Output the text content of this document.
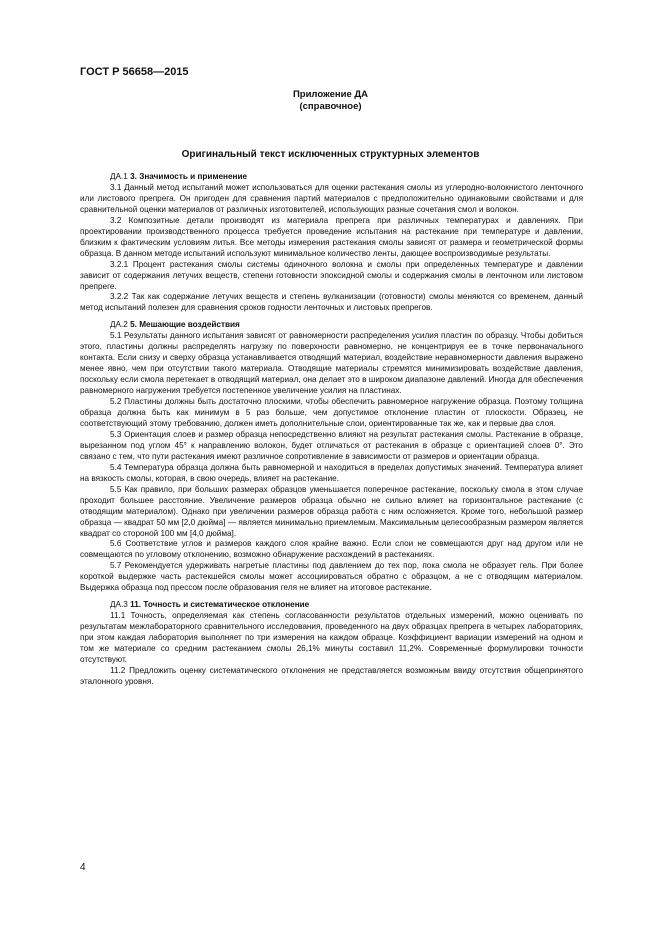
ГОСТ Р 56658—2015
Приложение ДА
(справочное)
Оригинальный текст исключенных структурных элементов

ДА.1 3. Значимость и применение

3.1 Данный метод испытаний может использоваться для оценки растекания смолы из углеродно-волокнистого ленточного или листового препрега. Он пригоден для сравнения партий материалов с предположительно одинаковыми свойствами и для сравнительной оценки материалов от различных изготовителей, использующих разные сочетания смол и волокон.

3.2 Композитные детали производят из материала препрега при различных температурах и давлениях. При проектировании производственного процесса требуется проведение испытания на растекание при температуре и давлении, близким к фактическим условиям литья. Все методы измерения растекания смолы зависят от размера и геометрической формы образца. В данном методе испытаний используют минимальное количество ленты, дающее воспроизводимые результаты.

3.2.1 Процент растекания смолы системы одиночного волокна и смолы при определенных температуре и давлении зависит от содержания летучих веществ, степени готовности эпоксидной смолы и содержания смолы в ленточном или листовом препреге.

3.2.2 Так как содержание летучих веществ и степень вулканизации (готовности) смолы меняются со временем, данный метод испытаний полезен для сравнения сроков годности ленточных и листовых препрегов.

ДА.2 5. Мешающие воздействия

5.1 Результаты данного испытания зависят от равномерности распределения усилия пластин по образцу. Чтобы добиться этого, пластины должны распределять нагрузку по поверхности равномерно, не концентрируя ее в точке первоначального контакта. Если снизу и сверху образца устанавливается отводящий материал, воздействие неравномерности давления выражено менее явно, чем при отсутствии такого материала. Отводящие материалы стремятся минимизировать воздействие давления, поскольку если смола перетекает в отводящий материал, она делает это в широком диапазоне давлений. Иногда для обеспечения равномерного нагружения требуется постепенное увеличение усилия на пластинах.

5.2 Пластины должны быть достаточно плоскими, чтобы обеспечить равномерное нагружение образца. Поэтому толщина образца должна быть как минимум в 5 раз больше, чем допустимое отклонение пластин от плоскости. Образец, не соответствующий этому требованию, должен иметь дополнительные слои, ориентированные так же, как и первые два слоя.

5.3 Ориентация слоев и размер образца непосредственно влияют на результат растекания смолы. Растекание в образце, вырезанном под углом 45° к направлению волокон, будет отличаться от растекания в образце с ориентацией слоев 0°. Это связано с тем, что пути растекания имеют различное сопротивление в зависимости от размеров и ориентации образца.

5.4 Температура образца должна быть равномерной и находиться в пределах допустимых значений. Температура влияет на вязкость смолы, которая, в свою очередь, влияет на растекание.

5.5 Как правило, при больших размерах образцов уменьшается поперечное растекание, поскольку смола в этом случае проходит большее расстояние. Увеличение размеров образца обычно не сильно влияет на горизонтальное растекание (с отводящим материалом). Однако при увеличении размеров образца работа с ним осложняется. Кроме того, небольшой размер образца — квадрат 50 мм [2,0 дюйма] — является минимально приемлемым. Максимальным целесообразным размером является квадрат со стороной 100 мм [4,0 дюйма].

5.6 Соответствие углов и размеров каждого слоя крайне важно. Если слои не совмещаются друг над другом или не совмещаются по угловому отклонению, возможно обнаружение расхождений в растеканиях.

5.7 Рекомендуется удерживать нагретые пластины под давлением до тех пор, пока смола не образует гель. При более короткой выдержке часть растекшейся смолы может ассоциироваться обратно с образцом, а не с отводящим материалом. Выдержка образца под прессом после образования геля не влияет на итоговое растекание.

ДА.3 11. Точность и систематическое отклонение

11.1 Точность, определяемая как степень согласованности результатов отдельных измерений, можно оценивать по результатам межлабораторного сравнительного исследования, проведенного на двух образцах препрега в четырех лабораториях, при этом каждая лаборатория выполняет по три измерения на каждом образце. Коэффициент вариации измерений на одном и том же материале со средним растеканием смолы 26,1% минуты составил 11,2%. Современные формулировки точности отсутствуют.

11.2 Предложить оценку систематического отклонения не представляется возможным ввиду отсутствия общепринятого эталонного уровня.

4
